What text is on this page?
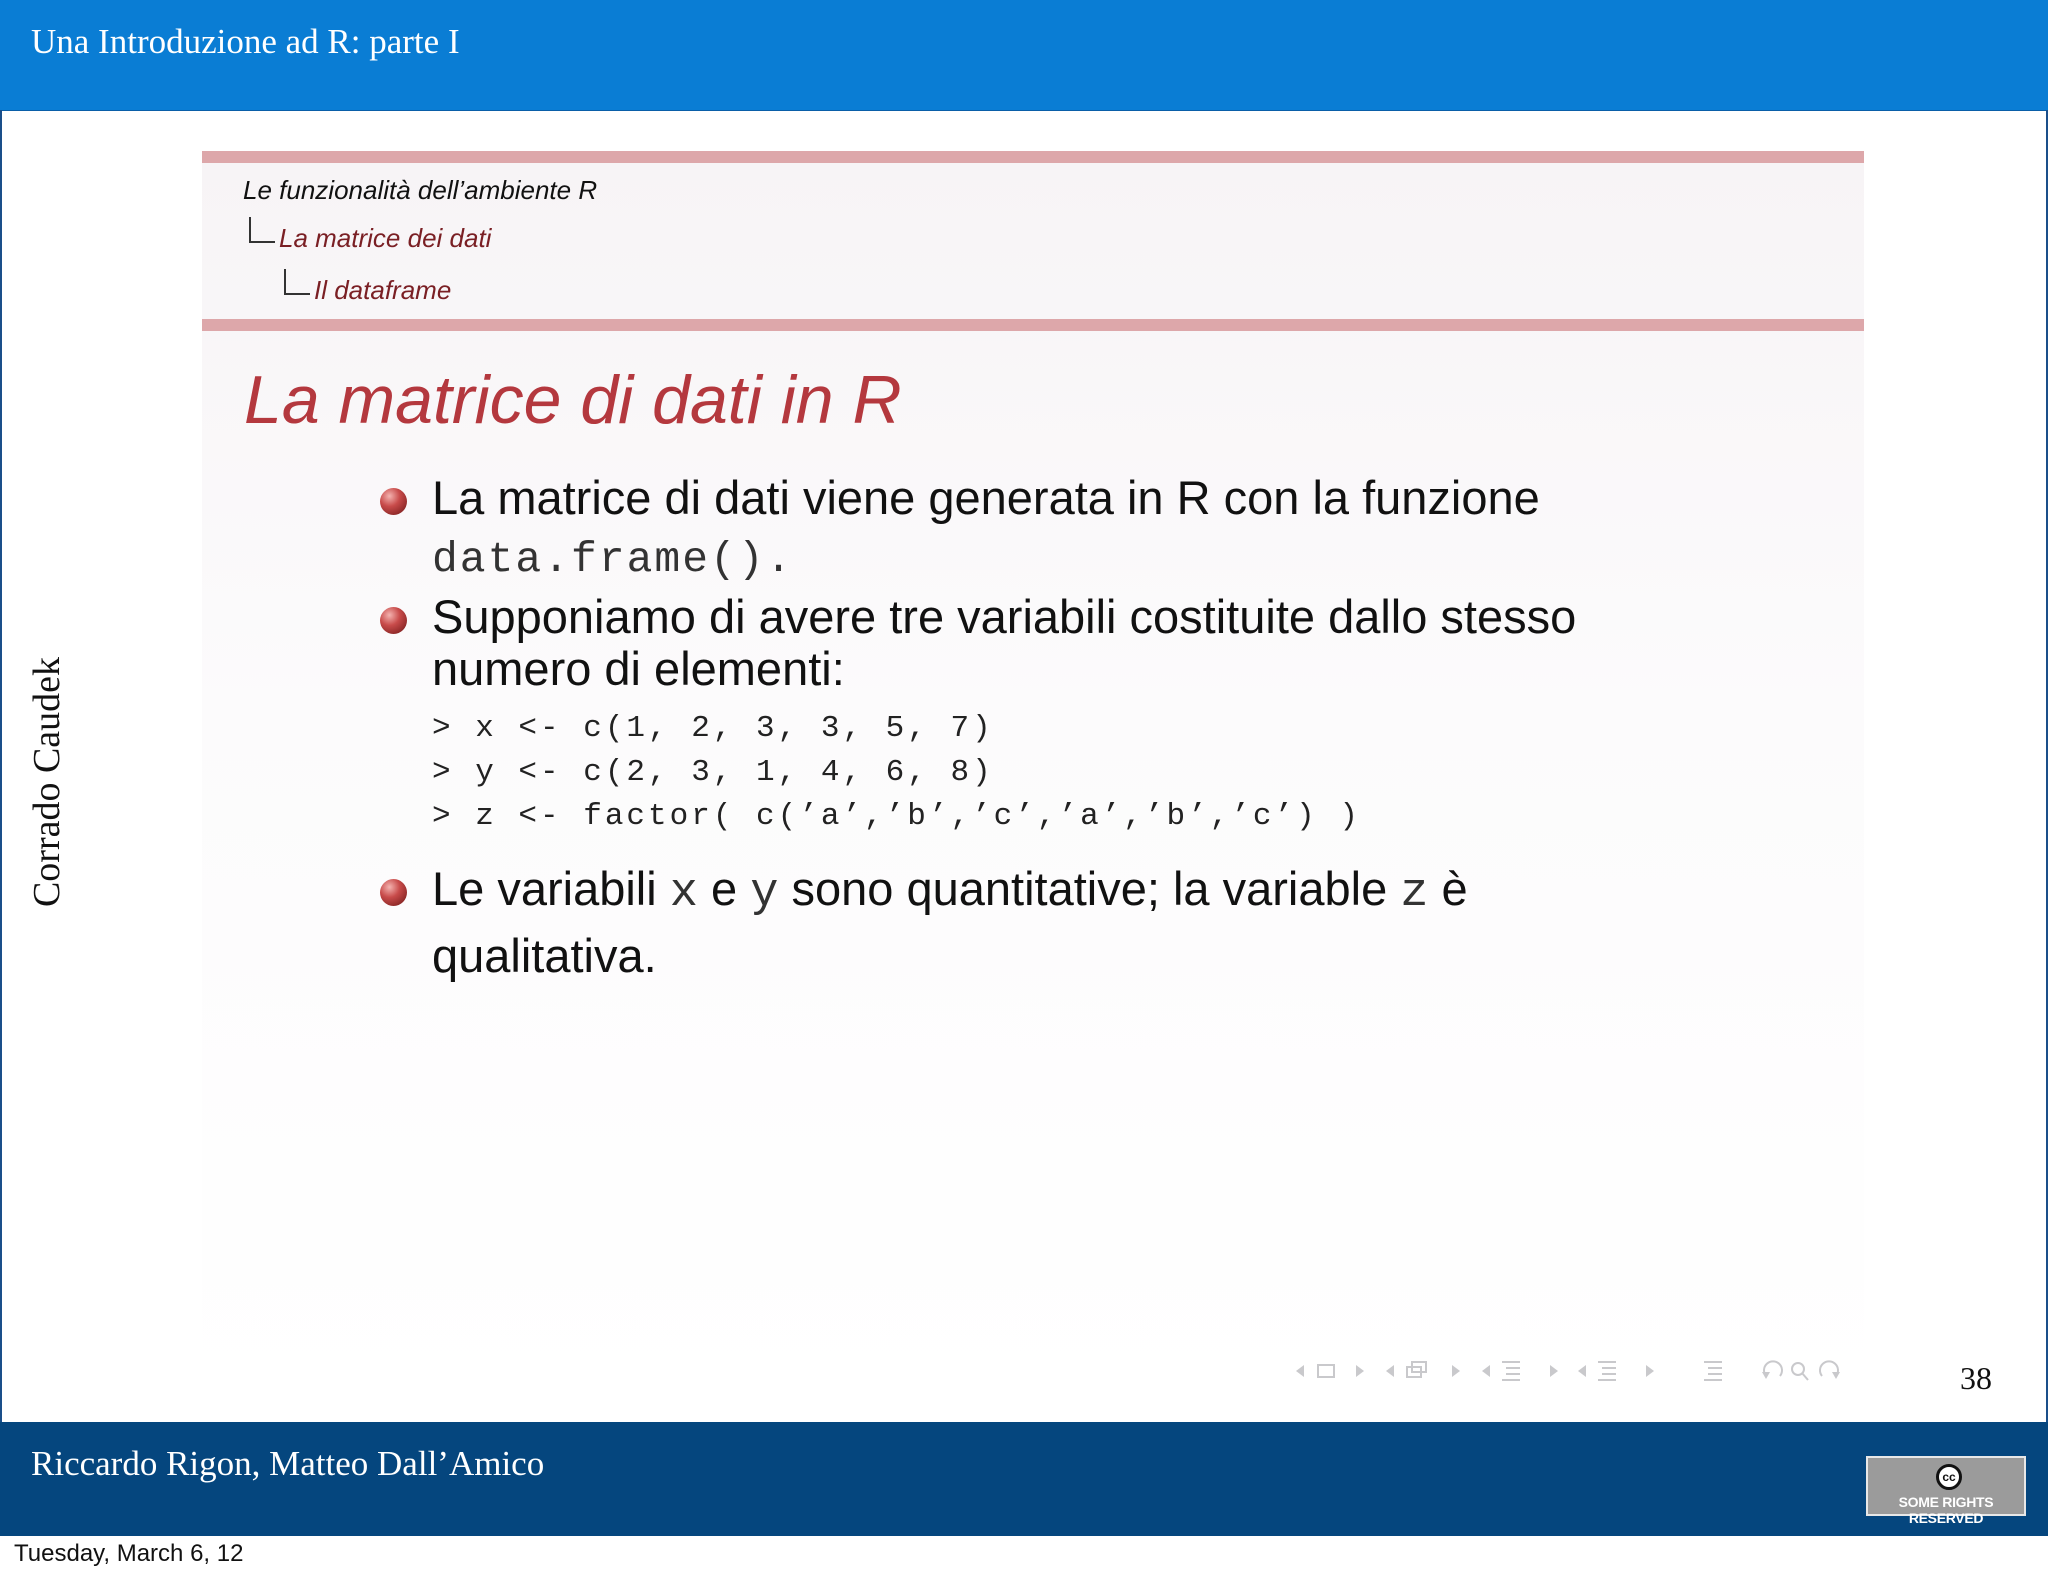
Una Introduzione ad R: parte I
Corrado Caudek
Le funzionalità dell’ambiente R
La matrice dei dati
Il dataframe
La matrice di dati in R
La matrice di dati viene generata in R con la funzione
data.frame().
Supponiamo di avere tre variabili costituite dallo stesso
numero di elementi:
> x <- c(1, 2, 3, 3, 5, 7)
> y <- c(2, 3, 1, 4, 6, 8)
> z <- factor( c(’a’,’b’,’c’,’a’,’b’,’c’) )
Le variabili x e y sono quantitative; la variable z è
qualitativa.
38
Riccardo Rigon, Matteo Dall’Amico	cc
SOME RIGHTS RESERVED
Tuesday, March 6, 12
